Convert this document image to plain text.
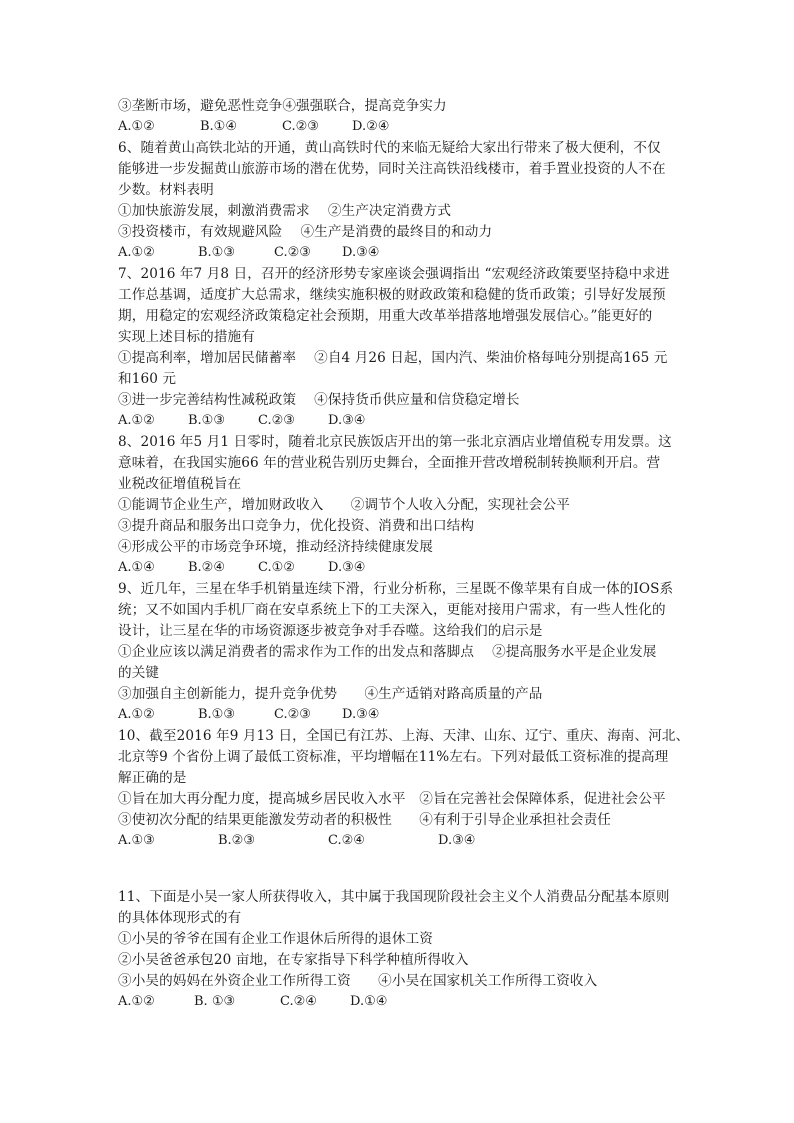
③垄断市场，避免恶性竞争④强强联合，提高竞争实力
A.①②	B.①④	C.②③	D.②④
6、随着黄山高铁北站的开通，黄山高铁时代的来临无疑给大家出行带来了极大便利，不仅
能够进一步发掘黄山旅游市场的潜在优势，同时关注高铁沿线楼市，着手置业投资的人不在
少数。材料表明
①加快旅游发展，刺激消费需求　 ②生产决定消费方式
③投资楼市，有效规避风险　 ④生产是消费的最终目的和动力
A.①②	B.①③	C.②③ D.③④
7、2016 年7 月8 日，召开的经济形势专家座谈会强调指出 “宏观经济政策要坚持稳中求进
工作总基调，适度扩大总需求，继续实施积极的财政政策和稳健的货币政策；引导好发展预
期，用稳定的宏观经济政策稳定社会预期，用重大改革举措落地增强发展信心。”能更好的
实现上述目标的措施有
①提高利率，增加居民储蓄率　 ②自4 月26 日起，国内汽、柴油价格每吨分别提高165 元
和160 元
③进一步完善结构性减税政策　 ④保持货币供应量和信贷稳定增长
A.①②	B.①③	C.②③	D.③④
8、2016 年5 月1 日零时，随着北京民族饭店开出的第一张北京酒店业增值税专用发票。这
意味着，在我国实施66 年的营业税告别历史舞台，全面推开营改增税制转换顺利开启。营
业税改征增值税旨在
①能调节企业生产，增加财政收入　　②调节个人收入分配，实现社会公平
③提升商品和服务出口竞争力，优化投资、消费和出口结构
④形成公平的市场竞争环境，推动经济持续健康发展
A.①④	B.②④	C.①②	D.③④
9、近几年，三星在华手机销量连续下滑，行业分析称，三星既不像苹果有自成一体的IOS系
统；又不如国内手机厂商在安卓系统上下的工夫深入，更能对接用户需求，有一些人性化的
设计，让三星在华的市场资源逐步被竞争对手吞噬。这给我们的启示是
①企业应该以满足消费者的需求作为工作的出发点和落脚点　 ②提高服务水平是企业发展
的关键
③加强自主创新能力，提升竞争优势　　④生产适销对路高质量的产品
A.①②	B.①③	C.②③ D.③④
10、截至2016 年9 月13 日，全国已有江苏、上海、天津、山东、辽宁、重庆、海南、河北、
北京等9 个省份上调了最低工资标准，平均增幅在11%左右。下列对最低工资标准的提高理
解正确的是
①旨在加大再分配力度，提高城乡居民收入水平　②旨在完善社会保障体系，促进社会公平
③使初次分配的结果更能激发劳动者的积极性　　④有利于引导企业承担社会责任
A.①③	B.②③	C.②④	D.③④
11、下面是小吴一家人所获得收入，其中属于我国现阶段社会主义个人消费品分配基本原则
的具体体现形式的有
①小吴的爷爷在国有企业工作退休后所得的退休工资
②小吴爸爸承包20 亩地，在专家指导下科学种植所得收入
③小吴的妈妈在外资企业工作所得工资　　④小吴在国家机关工作所得工资收入
A.①②	B. ①③	C.②④	D.①④
